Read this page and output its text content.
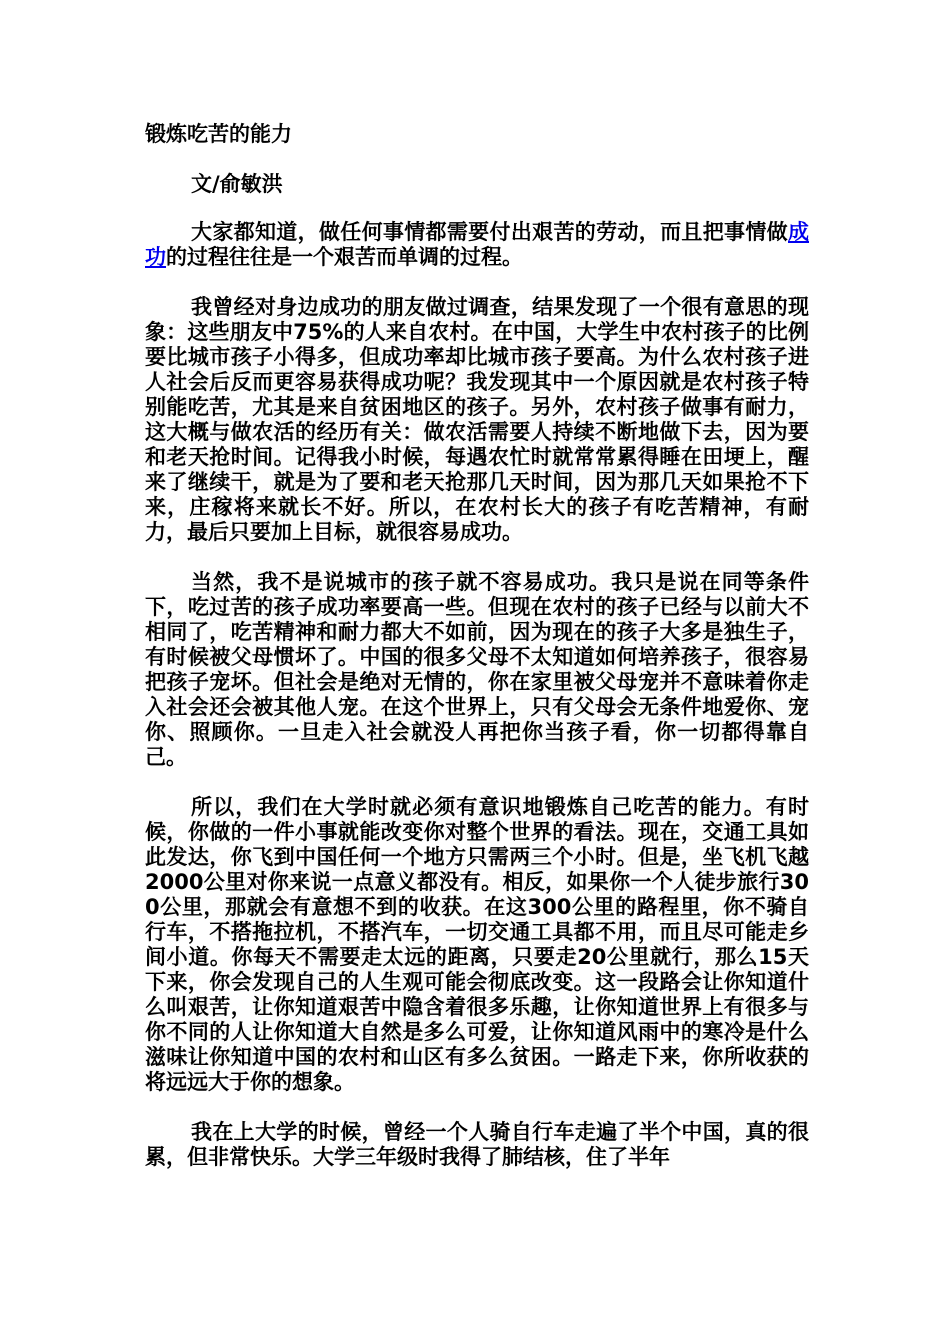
锻炼吃苦的能力
文/俞敏洪

大家都知道，做任何事情都需要付出艰苦的劳动，而且把事情做成功的过程往往是一个艰苦而单调的过程。

我曾经对身边成功的朋友做过调查，结果发现了一个很有意思的现象：这些朋友中75%的人来自农村。在中国，大学生中农村孩子的比例要比城市孩子小得多，但成功率却比城市孩子要高。为什么农村孩子进人社会后反而更容易获得成功呢？我发现其中一个原因就是农村孩子特别能吃苦，尤其是来自贫困地区的孩子。另外，农村孩子做事有耐力，这大概与做农活的经历有关：做农活需要人持续不断地做下去，因为要和老天抢时间。记得我小时候，每遇农忙时就常常累得睡在田埂上，醒来了继续干，就是为了要和老天抢那几天时间，因为那几天如果抢不下来，庄稼将来就长不好。所以，在农村长大的孩子有吃苦精神，有耐力，最后只要加上目标，就很容易成功。

当然，我不是说城市的孩子就不容易成功。我只是说在同等条件下，吃过苦的孩子成功率要高一些。但现在农村的孩子已经与以前大不相同了，吃苦精神和耐力都大不如前，因为现在的孩子大多是独生子，有时候被父母惯坏了。中国的很多父母不太知道如何培养孩子，很容易把孩子宠坏。但社会是绝对无情的，你在家里被父母宠并不意味着你走入社会还会被其他人宠。在这个世界上，只有父母会无条件地爱你、宠你、照顾你。一旦走入社会就没人再把你当孩子看，你一切都得靠自己。

所以，我们在大学时就必须有意识地锻炼自己吃苦的能力。有时候，你做的一件小事就能改变你对整个世界的看法。现在，交通工具如此发达，你飞到中国任何一个地方只需两三个小时。但是，坐飞机飞越2000公里对你来说一点意义都没有。相反，如果你一个人徒步旅行300公里，那就会有意想不到的收获。在这300公里的路程里，你不骑自行车，不搭拖拉机，不搭汽车，一切交通工具都不用，而且尽可能走乡间小道。你每天不需要走太远的距离，只要走20公里就行，那么15天下来，你会发现自己的人生观可能会彻底改变。这一段路会让你知道什么叫艰苦，让你知道艰苦中隐含着很多乐趣，让你知道世界上有很多与你不同的人让你知道大自然是多么可爱，让你知道风雨中的寒冷是什么滋味让你知道中国的农村和山区有多么贫困。一路走下来，你所收获的将远远大于你的想象。

我在上大学的时候，曾经一个人骑自行车走遍了半个中国，真的很累，但非常快乐。大学三年级时我得了肺结核，住了半年
